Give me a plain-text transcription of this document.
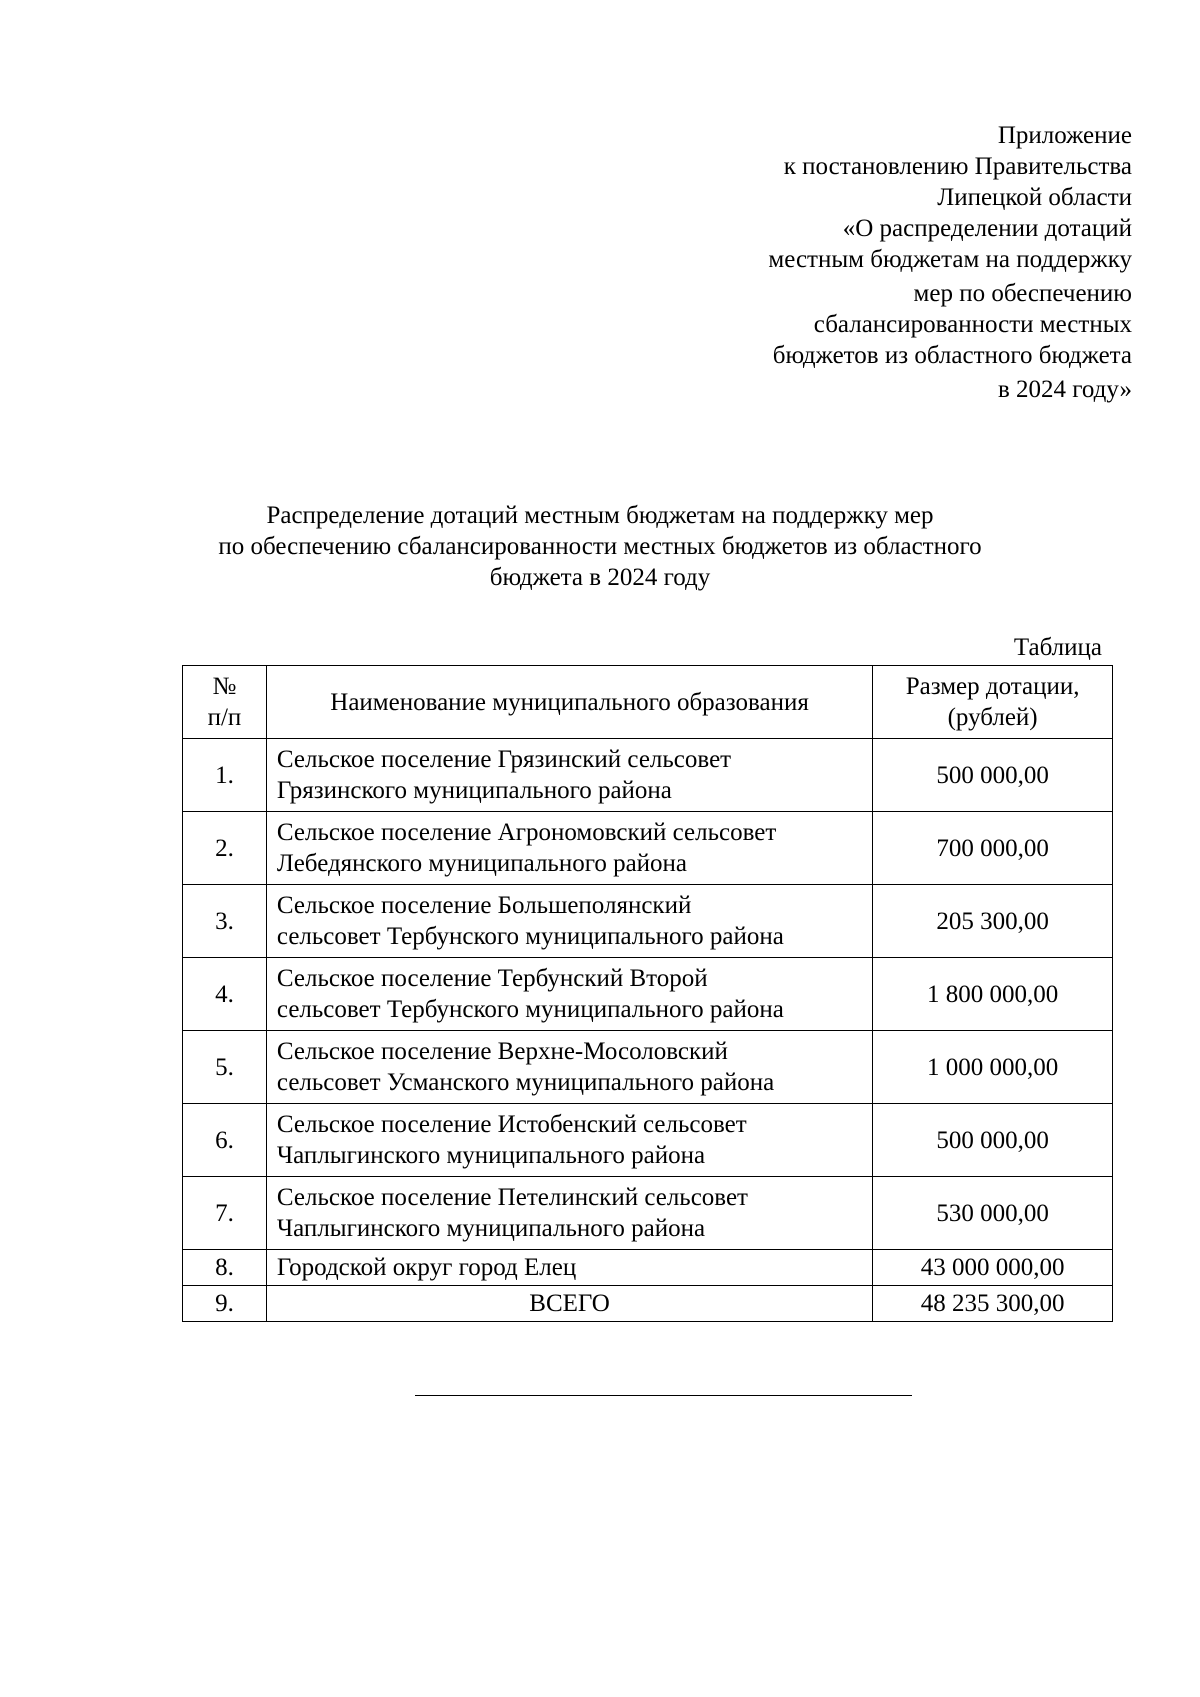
Приложение
к постановлению Правительства
Липецкой области
«О распределении дотаций
местным бюджетам на поддержку
мер по обеспечению
сбалансированности местных
бюджетов из областного бюджета
в 2024 году»
Распределение дотаций местным бюджетам на поддержку мер
по обеспечению сбалансированности местных бюджетов из областного
бюджета в 2024 году
Таблица
№
п/п	Наименование муниципального образования	Размер дотации,
(рублей)
1.	Сельское поселение Грязинский сельсовет
Грязинского муниципального района	500 000,00
2.	Сельское поселение Агрономовский сельсовет
Лебедянского муниципального района	700 000,00
3.	Сельское поселение Большеполянский
сельсовет Тербунского муниципального района	205 300,00
4.	Сельское поселение Тербунский Второй
сельсовет Тербунского муниципального района	1 800 000,00
5.	Сельское поселение Верхне-Мосоловский
сельсовет Усманского муниципального района	1 000 000,00
6.	Сельское поселение Истобенский сельсовет
Чаплыгинского муниципального района	500 000,00
7.	Сельское поселение Петелинский сельсовет
Чаплыгинского муниципального района	530 000,00
8.	Городской округ город Елец	43 000 000,00
9.	ВСЕГО	48 235 300,00
